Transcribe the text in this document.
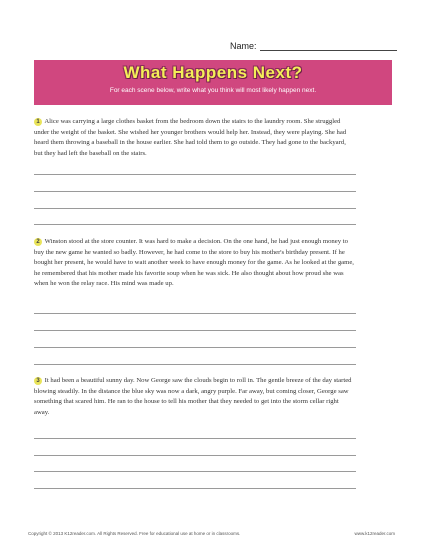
Name:
What Happens Next?
For each scene below, write what you think will most likely happen next.
1 Alice was carrying a large clothes basket from the bedroom down the stairs to the laundry room. She struggled under the weight of the basket. She wished her younger brothers would help her. Instead, they were playing. She had heard them throwing a baseball in the house earlier. She had told them to go outside. They had gone to the backyard, but they had left the baseball on the stairs.
2 Winston stood at the store counter. It was hard to make a decision. On the one hand, he had just enough money to buy the new game he wanted so badly. However, he had come to the store to buy his mother's birthday present. If he bought her present, he would have to wait another week to have enough money for the game. As he looked at the game, he remembered that his mother made his favorite soup when he was sick. He also thought about how proud she was when he won the relay race. His mind was made up.
3 It had been a beautiful sunny day. Now George saw the clouds begin to roll in. The gentle breeze of the day started blowing steadily. In the distance the blue sky was now a dark, angry purple. Far away, but coming closer, George saw something that scared him. He ran to the house to tell his mother that they needed to get into the storm cellar right away.
Copyright © 2013 K12reader.com. All Rights Reserved. Free for educational use at home or in classrooms.	www.k12reader.com
